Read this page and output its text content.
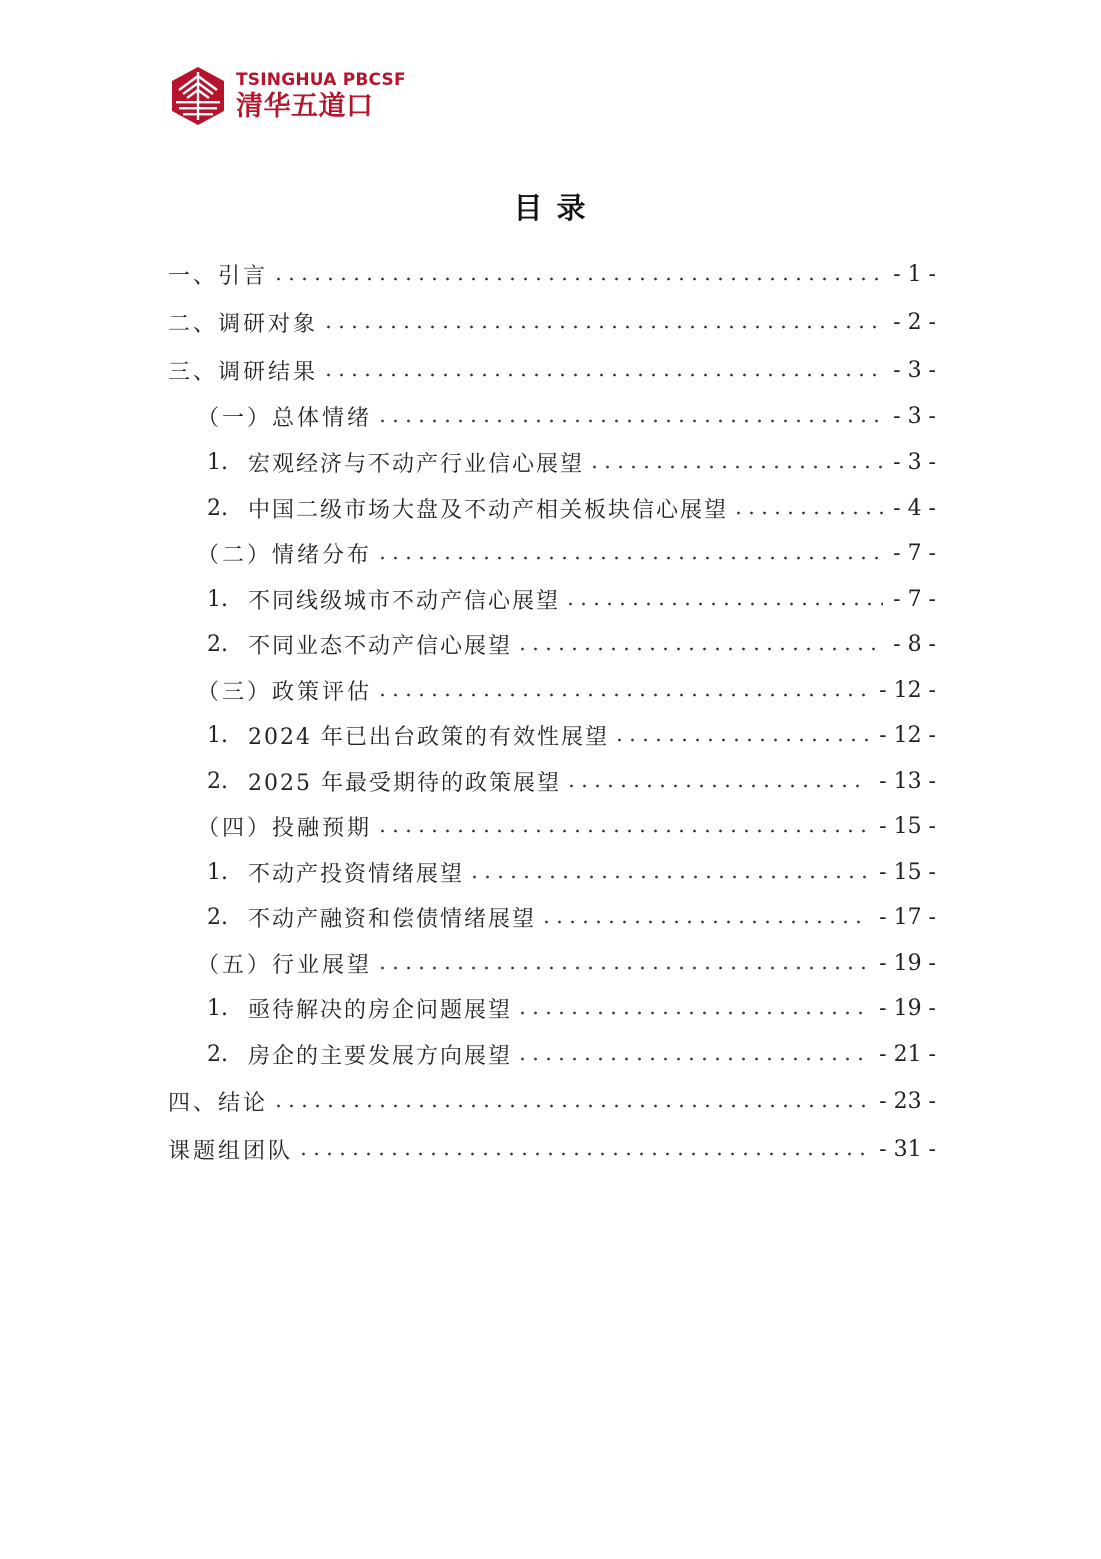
TSINGHUA PBCSF
清华五道口
目 录
一、引言	- 1 -
二、调研对象	- 2 -
三、调研结果	- 3 -
（一）总体情绪	- 3 -
1. 宏观经济与不动产行业信心展望	- 3 -
2. 中国二级市场大盘及不动产相关板块信心展望	- 4 -
（二）情绪分布	- 7 -
1. 不同线级城市不动产信心展望	- 7 -
2. 不同业态不动产信心展望	- 8 -
（三）政策评估	- 12 -
1. 2024 年已出台政策的有效性展望	- 12 -
2. 2025 年最受期待的政策展望	- 13 -
（四）投融预期	- 15 -
1. 不动产投资情绪展望	- 15 -
2. 不动产融资和偿债情绪展望	- 17 -
（五）行业展望	- 19 -
1. 亟待解决的房企问题展望	- 19 -
2. 房企的主要发展方向展望	- 21 -
四、结论	- 23 -
课题组团队	- 31 -
